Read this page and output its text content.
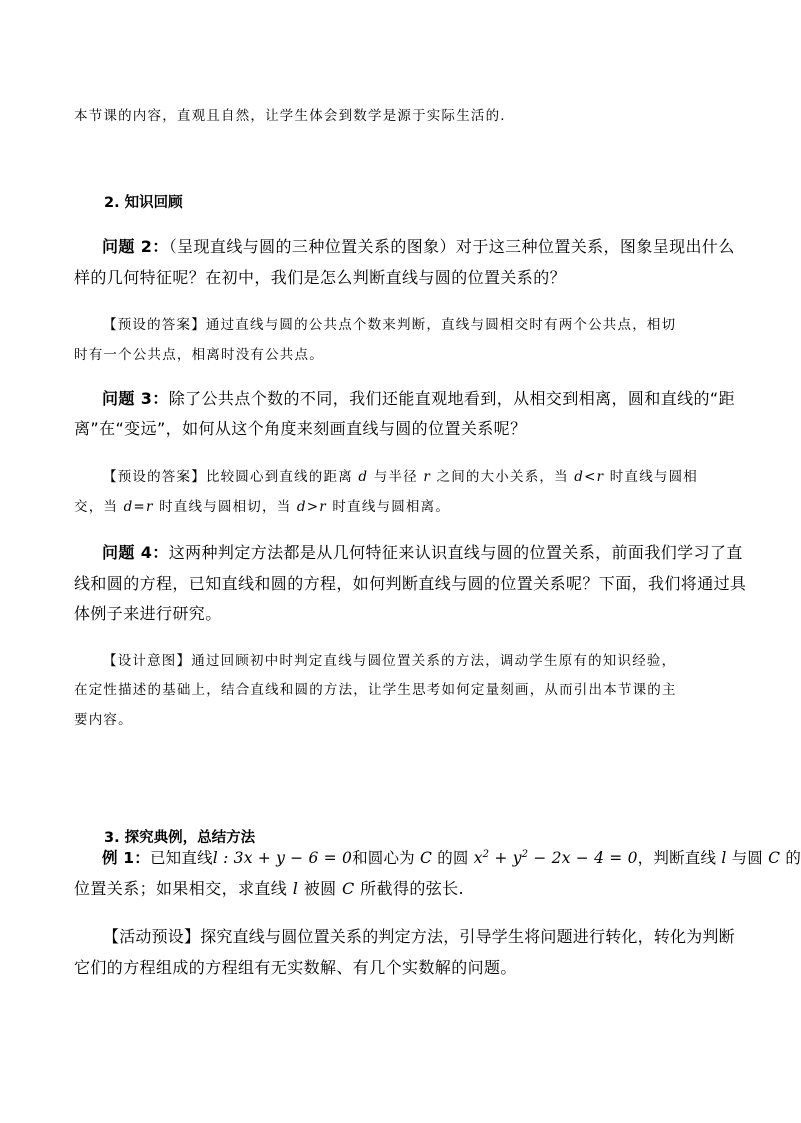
本节课的内容，直观且自然，让学生体会到数学是源于实际生活的.
2. 知识回顾
问题 2：（呈现直线与圆的三种位置关系的图象）对于这三种位置关系，图象呈现出什么
样的几何特征呢？在初中，我们是怎么判断直线与圆的位置关系的？
【预设的答案】通过直线与圆的公共点个数来判断，直线与圆相交时有两个公共点，相切
时有一个公共点，相离时没有公共点。
问题 3：除了公共点个数的不同，我们还能直观地看到，从相交到相离，圆和直线的“距
离”在“变远”，如何从这个角度来刻画直线与圆的位置关系呢？
【预设的答案】比较圆心到直线的距离 d 与半径 r 之间的大小关系，当 d<r 时直线与圆相
交，当 d=r 时直线与圆相切，当 d>r 时直线与圆相离。
问题 4：这两种判定方法都是从几何特征来认识直线与圆的位置关系，前面我们学习了直
线和圆的方程，已知直线和圆的方程，如何判断直线与圆的位置关系呢？下面，我们将通过具
体例子来进行研究。
【设计意图】通过回顾初中时判定直线与圆位置关系的方法，调动学生原有的知识经验，
在定性描述的基础上，结合直线和圆的方法，让学生思考如何定量刻画，从而引出本节课的主
要内容。
3. 探究典例，总结方法
例 1：已知直线l : 3x + y − 6 = 0和圆心为 C 的圆 $x^2 + y^2 - 2x - 4 = 0$，判断直线 l 与圆 C 的
位置关系；如果相交，求直线 l 被圆 C 所截得的弦长.
【活动预设】探究直线与圆位置关系的判定方法，引导学生将问题进行转化，转化为判断
它们的方程组成的方程组有无实数解、有几个实数解的问题。
